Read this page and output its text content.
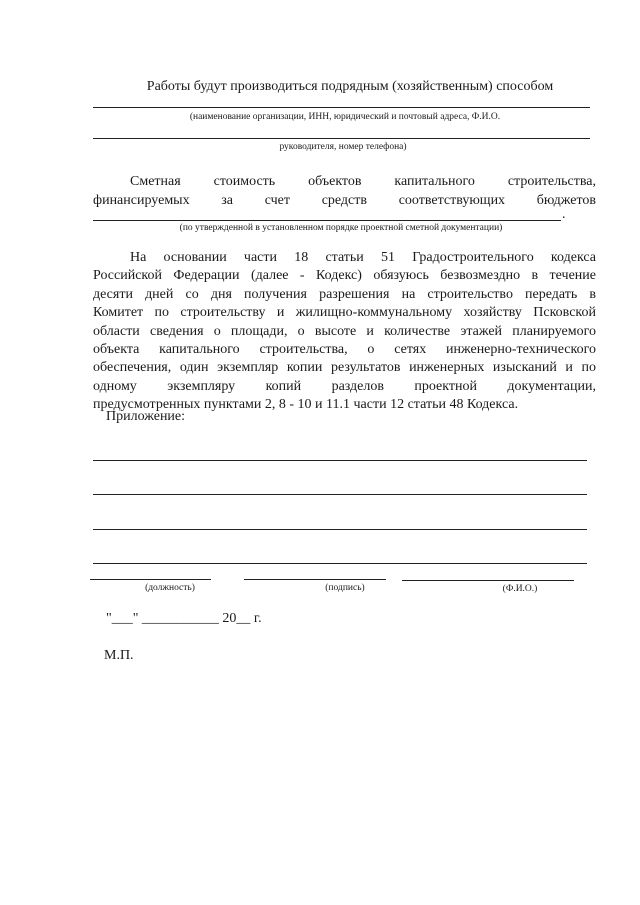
Работы будут производиться подрядным (хозяйственным) способом
(наименование организации, ИНН, юридический и почтовый адреса, Ф.И.О.
руководителя, номер телефона)
Сметная стоимость объектов капитального строительства,
финансируемых за счет средств соответствующих бюджетов
.
(по утвержденной в установленном порядке проектной сметной документации)
На основании части 18 статьи 51 Градостроительного кодекса
Российской Федерации (далее - Кодекс) обязуюсь безвозмездно в течение
десяти дней со дня получения разрешения на строительство передать в
Комитет по строительству и жилищно-коммунальному хозяйству Псковской
области сведения о площади, о высоте и количестве этажей планируемого
объекта капитального строительства, о сетях инженерно-технического
обеспечения, один экземпляр копии результатов инженерных изысканий и по
одному экземпляру копий разделов проектной документации,
предусмотренных пунктами 2, 8 - 10 и 11.1 части 12 статьи 48 Кодекса.
Приложение:
(должность)	(подпись)	(Ф.И.О.)
"___" ___________ 20__ г.
М.П.
